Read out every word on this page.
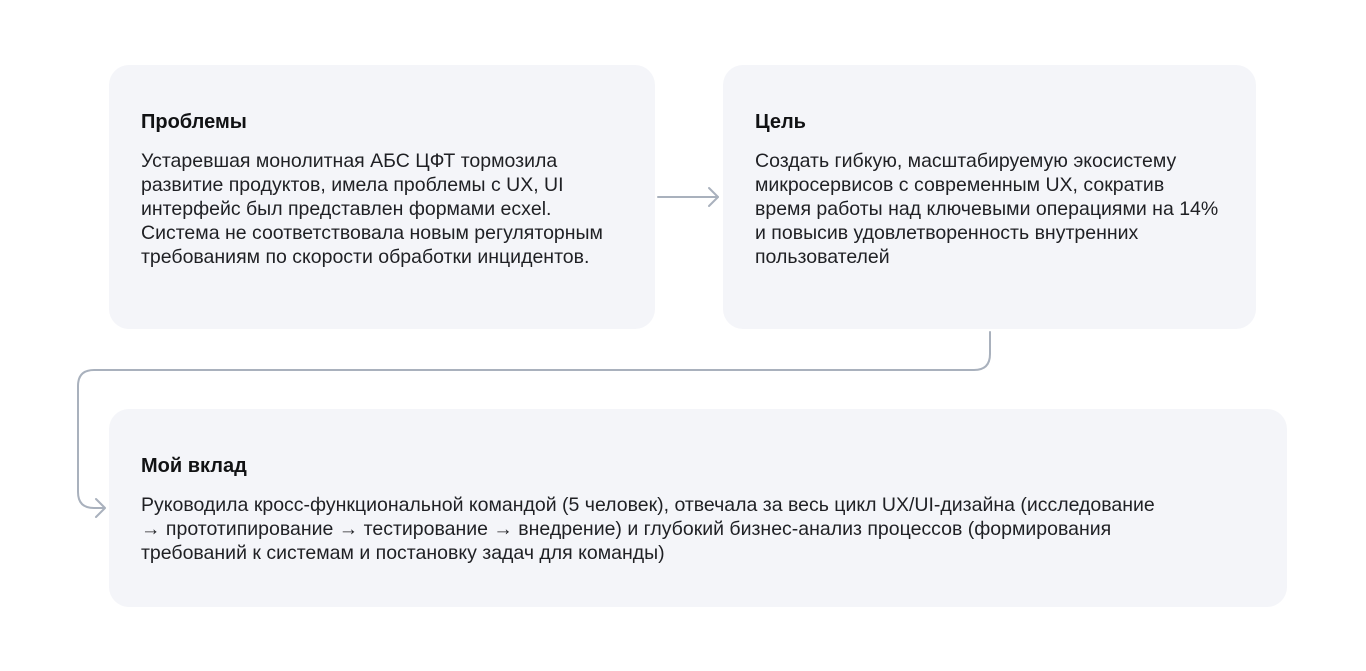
Проблемы

Устаревшая монолитная АБС ЦФТ тормозила развитие продуктов, имела проблемы с UX, UI интерфейс был представлен формами ecxel. Система не соответствовала новым регуляторным требованиям по скорости обработки инцидентов.

Цель

Создать гибкую, масштабируемую экосистему микросервисов с современным UX, сократив время работы над ключевыми операциями на 14% и повысив удовлетворенность внутренних пользователей

Мой вклад

Руководила кросс-функциональной командой (5 человек), отвечала за весь цикл UX/UI-дизайна (исследование
→ прототипирование → тестирование → внедрение) и глубокий бизнес-анализ процессов (формирования
требований к системам и постановку задач для команды)
